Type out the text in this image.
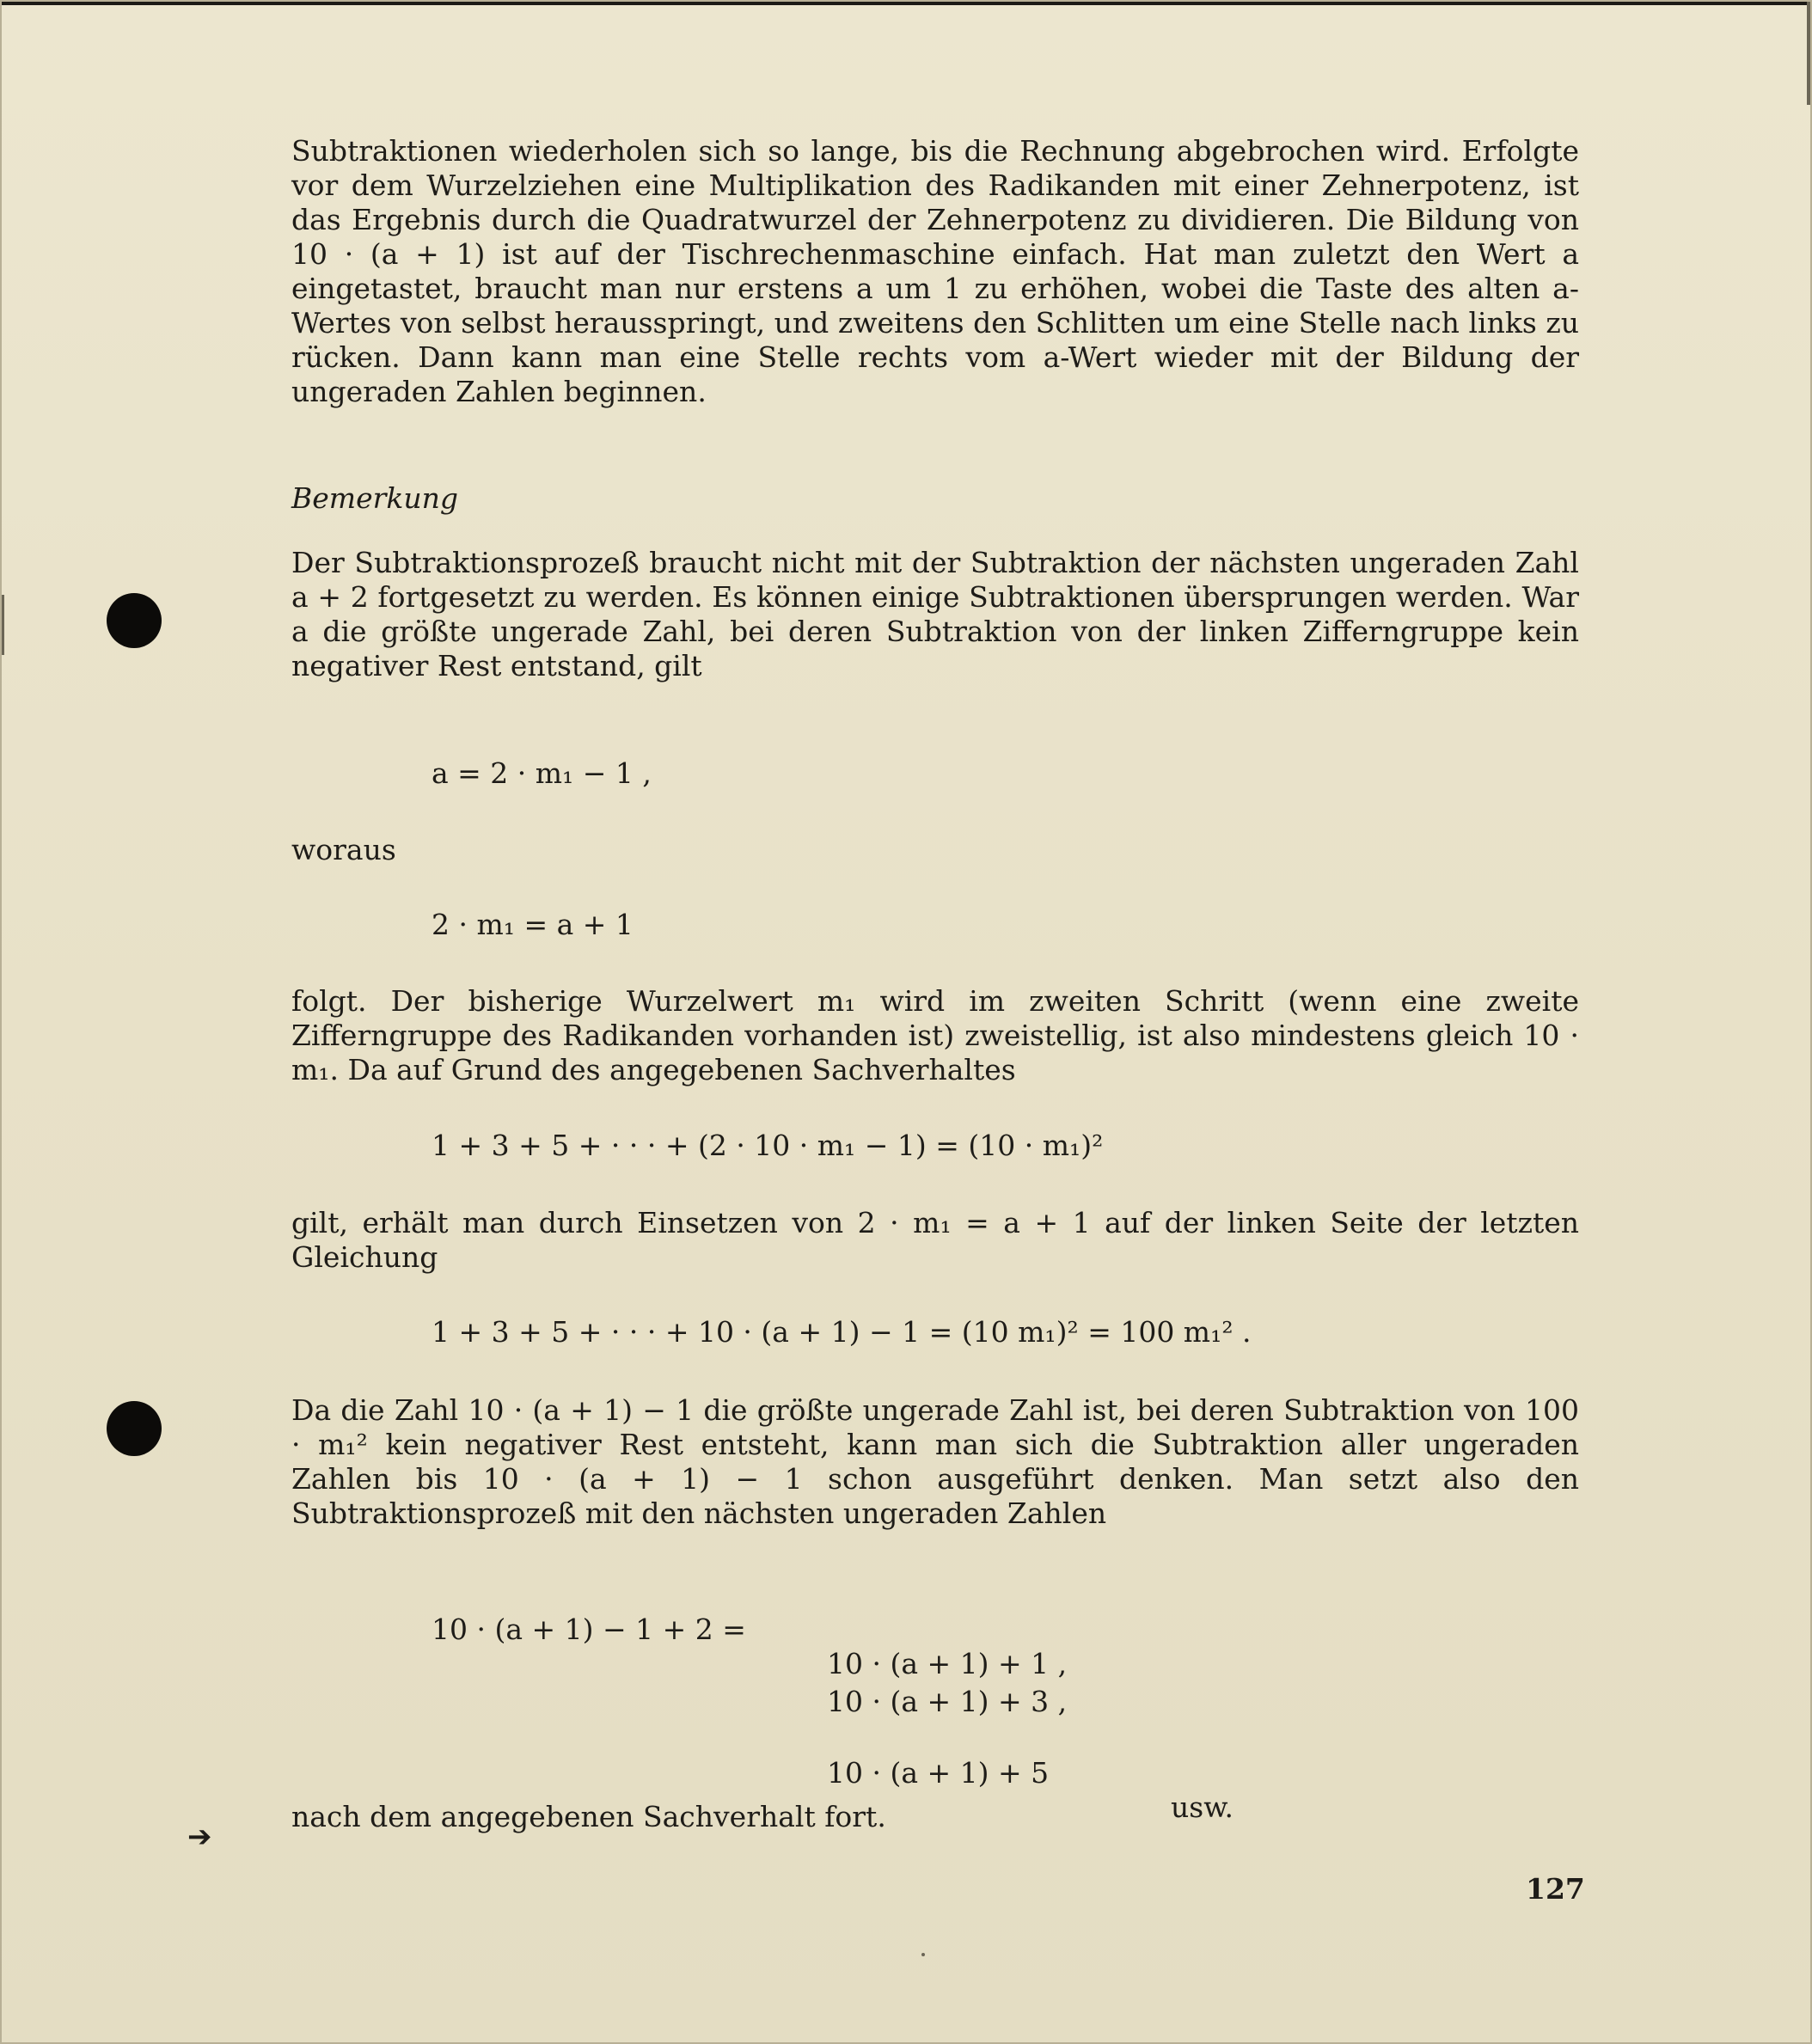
➔
Subtraktionen wiederholen sich so lange, bis die Rechnung abgebrochen wird. Erfolgte vor dem Wurzelziehen eine Multiplikation des Radikanden mit einer Zehnerpotenz, ist das Ergebnis durch die Quadratwurzel der Zehnerpotenz zu dividieren. Die Bildung von 10 · (a + 1) ist auf der Tischrechenmaschine einfach. Hat man zuletzt den Wert a eingetastet, braucht man nur erstens a um 1 zu erhöhen, wobei die Taste des alten a-Wertes von selbst herausspringt, und zweitens den Schlitten um eine Stelle nach links zu rücken. Dann kann man eine Stelle rechts vom a-Wert wieder mit der Bildung der ungeraden Zahlen beginnen.
Bemerkung
Der Subtraktionsprozeß braucht nicht mit der Subtraktion der nächsten ungeraden Zahl a + 2 fortgesetzt zu werden. Es können einige Subtraktionen übersprungen werden. War a die größte ungerade Zahl, bei deren Subtraktion von der linken Zifferngruppe kein negativer Rest entstand, gilt
a = 2 · m₁ − 1 ,
woraus
2 · m₁ = a + 1
folgt. Der bisherige Wurzelwert m₁ wird im zweiten Schritt (wenn eine zweite Zifferngruppe des Radikanden vorhanden ist) zweistellig, ist also mindestens gleich 10 · m₁. Da auf Grund des angegebenen Sachverhaltes
1 + 3 + 5 + · · · + (2 · 10 · m₁ − 1) = (10 · m₁)²
gilt, erhält man durch Einsetzen von 2 · m₁ = a + 1 auf der linken Seite der letzten Gleichung
1 + 3 + 5 + · · · + 10 · (a + 1) − 1 = (10 m₁)² = 100 m₁² .
Da die Zahl 10 · (a + 1) − 1 die größte ungerade Zahl ist, bei deren Subtraktion von 100 · m₁² kein negativer Rest entsteht, kann man sich die Subtraktion aller ungeraden Zahlen bis 10 · (a + 1) − 1 schon ausgeführt denken. Man setzt also den Subtraktionsprozeß mit den nächsten ungeraden Zahlen

10 · (a + 1) − 1 + 2 =

10 · (a + 1) + 1 ,

10 · (a + 1) + 3 ,

10 · (a + 1) + 5

usw.

nach dem angegebenen Sachverhalt fort.
127
